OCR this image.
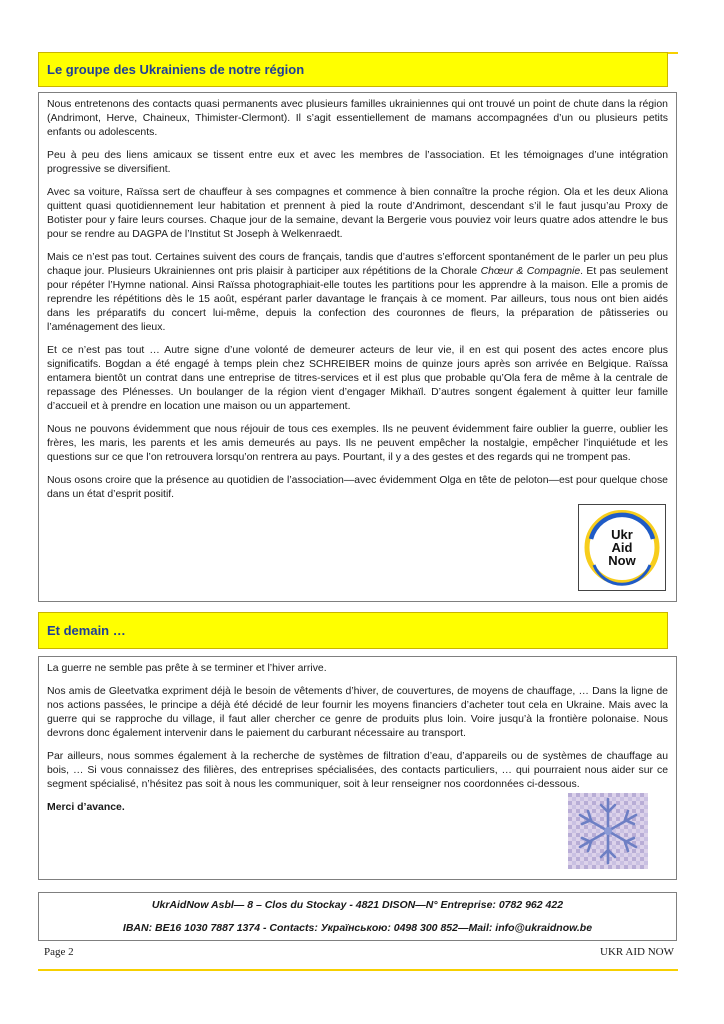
Le groupe des Ukrainiens de notre région

Nous entretenons des contacts quasi permanents avec plusieurs familles ukrainiennes qui ont trouvé un point de chute dans la région (Andrimont, Herve, Chaineux, Thimister-Clermont). Il s’agit essentiellement de mamans accompagnées d’un ou plusieurs petits enfants ou adolescents.

Peu à peu des liens amicaux se tissent entre eux et avec les membres de l’association. Et les témoignages d’une intégration progressive se diversifient.

Avec sa voiture, Raïssa sert de chauffeur à ses compagnes et commence à bien connaître la proche région. Ola et les deux Aliona quittent quasi quotidiennement leur habitation et prennent à pied la route d’Andrimont, descendant s’il le faut jusqu’au Proxy de Botister pour y faire leurs courses. Chaque jour de la semaine, devant la Bergerie vous pouviez voir leurs quatre ados attendre le bus pour se rendre au DAGPA de l’Institut St Joseph à Welkenraedt.

Mais ce n’est pas tout. Certaines suivent des cours de français, tandis que d’autres s’efforcent spontanément de le parler un peu plus chaque jour. Plusieurs Ukrainiennes ont pris plaisir à participer aux répétitions de la Chorale Chœur & Compagnie. Et pas seulement pour répéter l’Hymne national. Ainsi Raïssa photographiait-elle toutes les partitions pour les apprendre à la maison. Elle a promis de reprendre les répétitions dès le 15 août, espérant parler davantage le français à ce moment. Par ailleurs, tous nous ont bien aidés dans les préparatifs du concert lui-même, depuis la confection des couronnes de fleurs, la préparation de pâtisseries ou l’aménagement des lieux.

Et ce n’est pas tout … Autre signe d’une volonté de demeurer acteurs de leur vie, il en est qui posent des actes encore plus significatifs. Bogdan a été engagé à temps plein chez SCHREIBER moins de quinze jours après son arrivée en Belgique. Raïssa entamera bientôt un contrat dans une entreprise de titres-services et il est plus que probable qu’Ola fera de même à la centrale de repassage des Plénesses. Un boulanger de la région vient d’engager Mikhaïl. D’autres songent également à quitter leur famille d’accueil et à prendre en location une maison ou un appartement.

Nous ne pouvons évidemment que nous réjouir de tous ces exemples. Ils ne peuvent évidemment faire oublier la guerre, oublier les frères, les maris, les parents et les amis demeurés au pays. Ils ne peuvent empêcher la nostalgie, empêcher l’inquiétude et les questions sur ce que l’on retrouvera lorsqu’on rentrera au pays. Pourtant, il y a des gestes et des regards qui ne trompent pas.

Nous osons croire que la présence au quotidien de l’association—avec évidemment Olga en tête de peloton—est pour quelque chose dans un état d’esprit positif.

Ukr
Aid
Now
Et demain …

La guerre ne semble pas prête à se terminer et l’hiver arrive.

Nos amis de Gleetvatka expriment déjà le besoin de vêtements d’hiver, de couvertures, de moyens de chauffage, … Dans la ligne de nos actions passées, le principe a déjà été décidé de leur fournir les moyens financiers d’acheter tout cela en Ukraine. Mais avec la guerre qui se rapproche du village, il faut aller chercher ce genre de produits plus loin. Voire jusqu’à la frontière polonaise. Nous devrons donc également intervenir dans le paiement du carburant nécessaire au transport.

Par ailleurs, nous sommes également à la recherche de systèmes de filtration d’eau, d’appareils ou de systèmes de chauffage au bois, … Si vous connaissez des filières, des entreprises spécialisées, des contacts particuliers, … qui pourraient nous aider sur ce segment spécialisé, n’hésitez pas soit à nous les communiquer, soit à leur renseigner nos coordonnées ci-dessous.

Merci d’avance.

UkrAidNow Asbl— 8 – Clos du Stockay - 4821 DISON—N° Entreprise: 0782 962 422
IBAN: BE16 1030 7887 1374 - Contacts: Українською: 0498 300 852—Mail: info@ukraidnow.be
Page 2	UKR AID NOW
